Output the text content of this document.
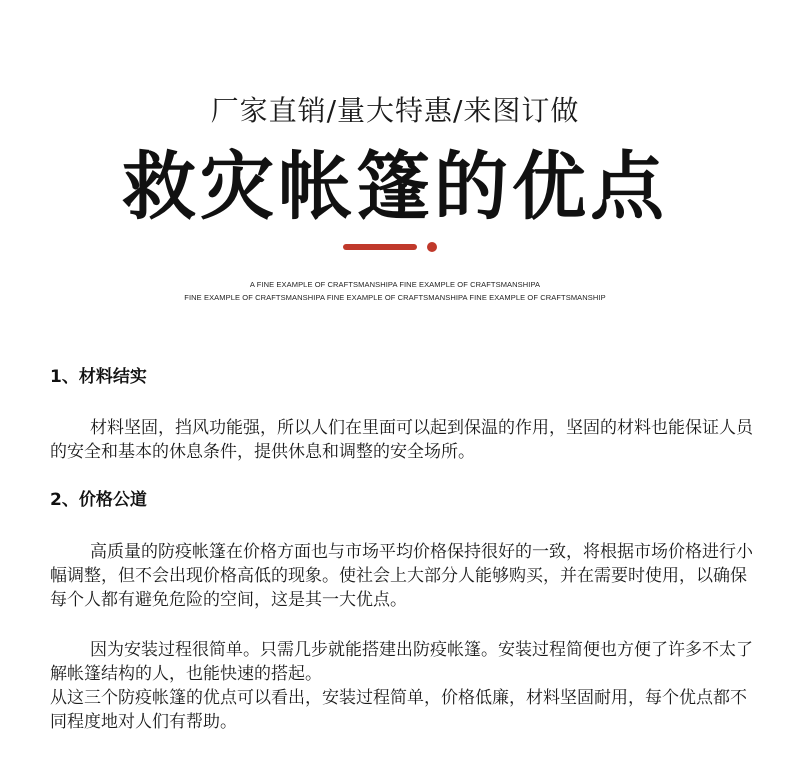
厂家直销/量大特惠/来图订做
救灾帐篷的优点
A FINE EXAMPLE OF CRAFTSMANSHIPA FINE EXAMPLE OF CRAFTSMANSHIPA
FINE EXAMPLE OF CRAFTSMANSHIPA FINE EXAMPLE OF CRAFTSMANSHIPA FINE EXAMPLE OF CRAFTSMANSHIP
1、材料结实
材料坚固，挡风功能强，所以人们在里面可以起到保温的作用，坚固的材料也能保证人员的安全和基本的休息条件，提供休息和调整的安全场所。
2、价格公道
高质量的防疫帐篷在价格方面也与市场平均价格保持很好的一致，将根据市场价格进行小幅调整，但不会出现价格高低的现象。使社会上大部分人能够购买，并在需要时使用，以确保每个人都有避免危险的空间，这是其一大优点。
因为安装过程很简单。只需几步就能搭建出防疫帐篷。安装过程简便也方便了许多不太了解帐篷结构的人，也能快速的搭起。
从这三个防疫帐篷的优点可以看出，安装过程简单，价格低廉，材料坚固耐用，每个优点都不同程度地对人们有帮助。
